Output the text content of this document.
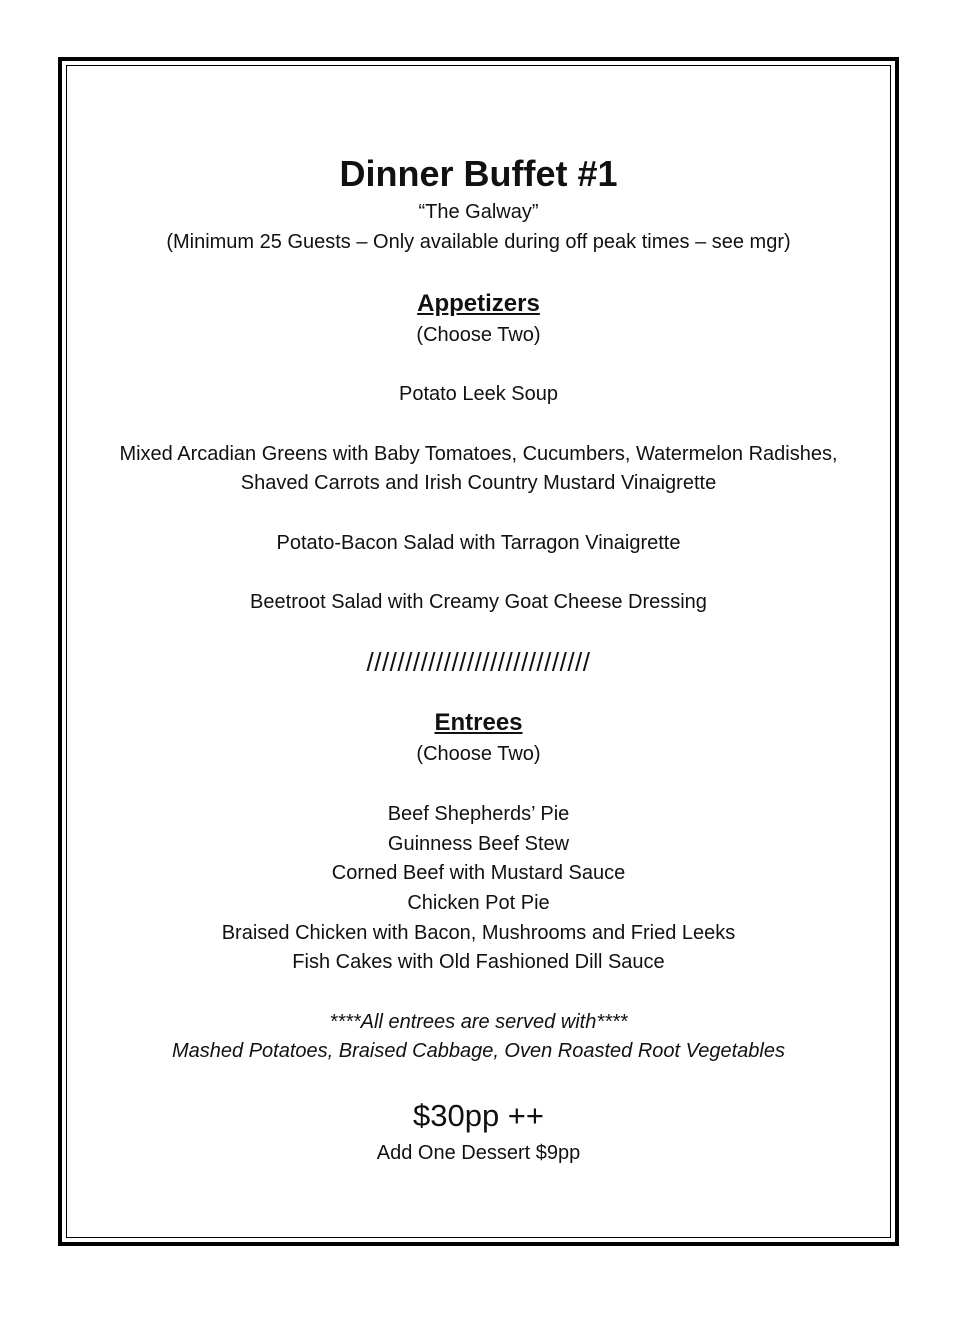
Dinner Buffet #1
“The Galway”
(Minimum 25 Guests – Only available during off peak times – see mgr)
Appetizers
(Choose Two)
Potato Leek Soup
Mixed Arcadian Greens with Baby Tomatoes, Cucumbers, Watermelon Radishes,
Shaved Carrots and Irish Country Mustard Vinaigrette
Potato-Bacon Salad with Tarragon Vinaigrette
Beetroot Salad with Creamy Goat Cheese Dressing
/////////////////////////////
Entrees
(Choose Two)
Beef Shepherds’ Pie
Guinness Beef Stew
Corned Beef with Mustard Sauce
Chicken Pot Pie
Braised Chicken with Bacon, Mushrooms and Fried Leeks
Fish Cakes with Old Fashioned Dill Sauce
****All entrees are served with****
Mashed Potatoes, Braised Cabbage, Oven Roasted Root Vegetables
$30pp ++
Add One Dessert $9pp
